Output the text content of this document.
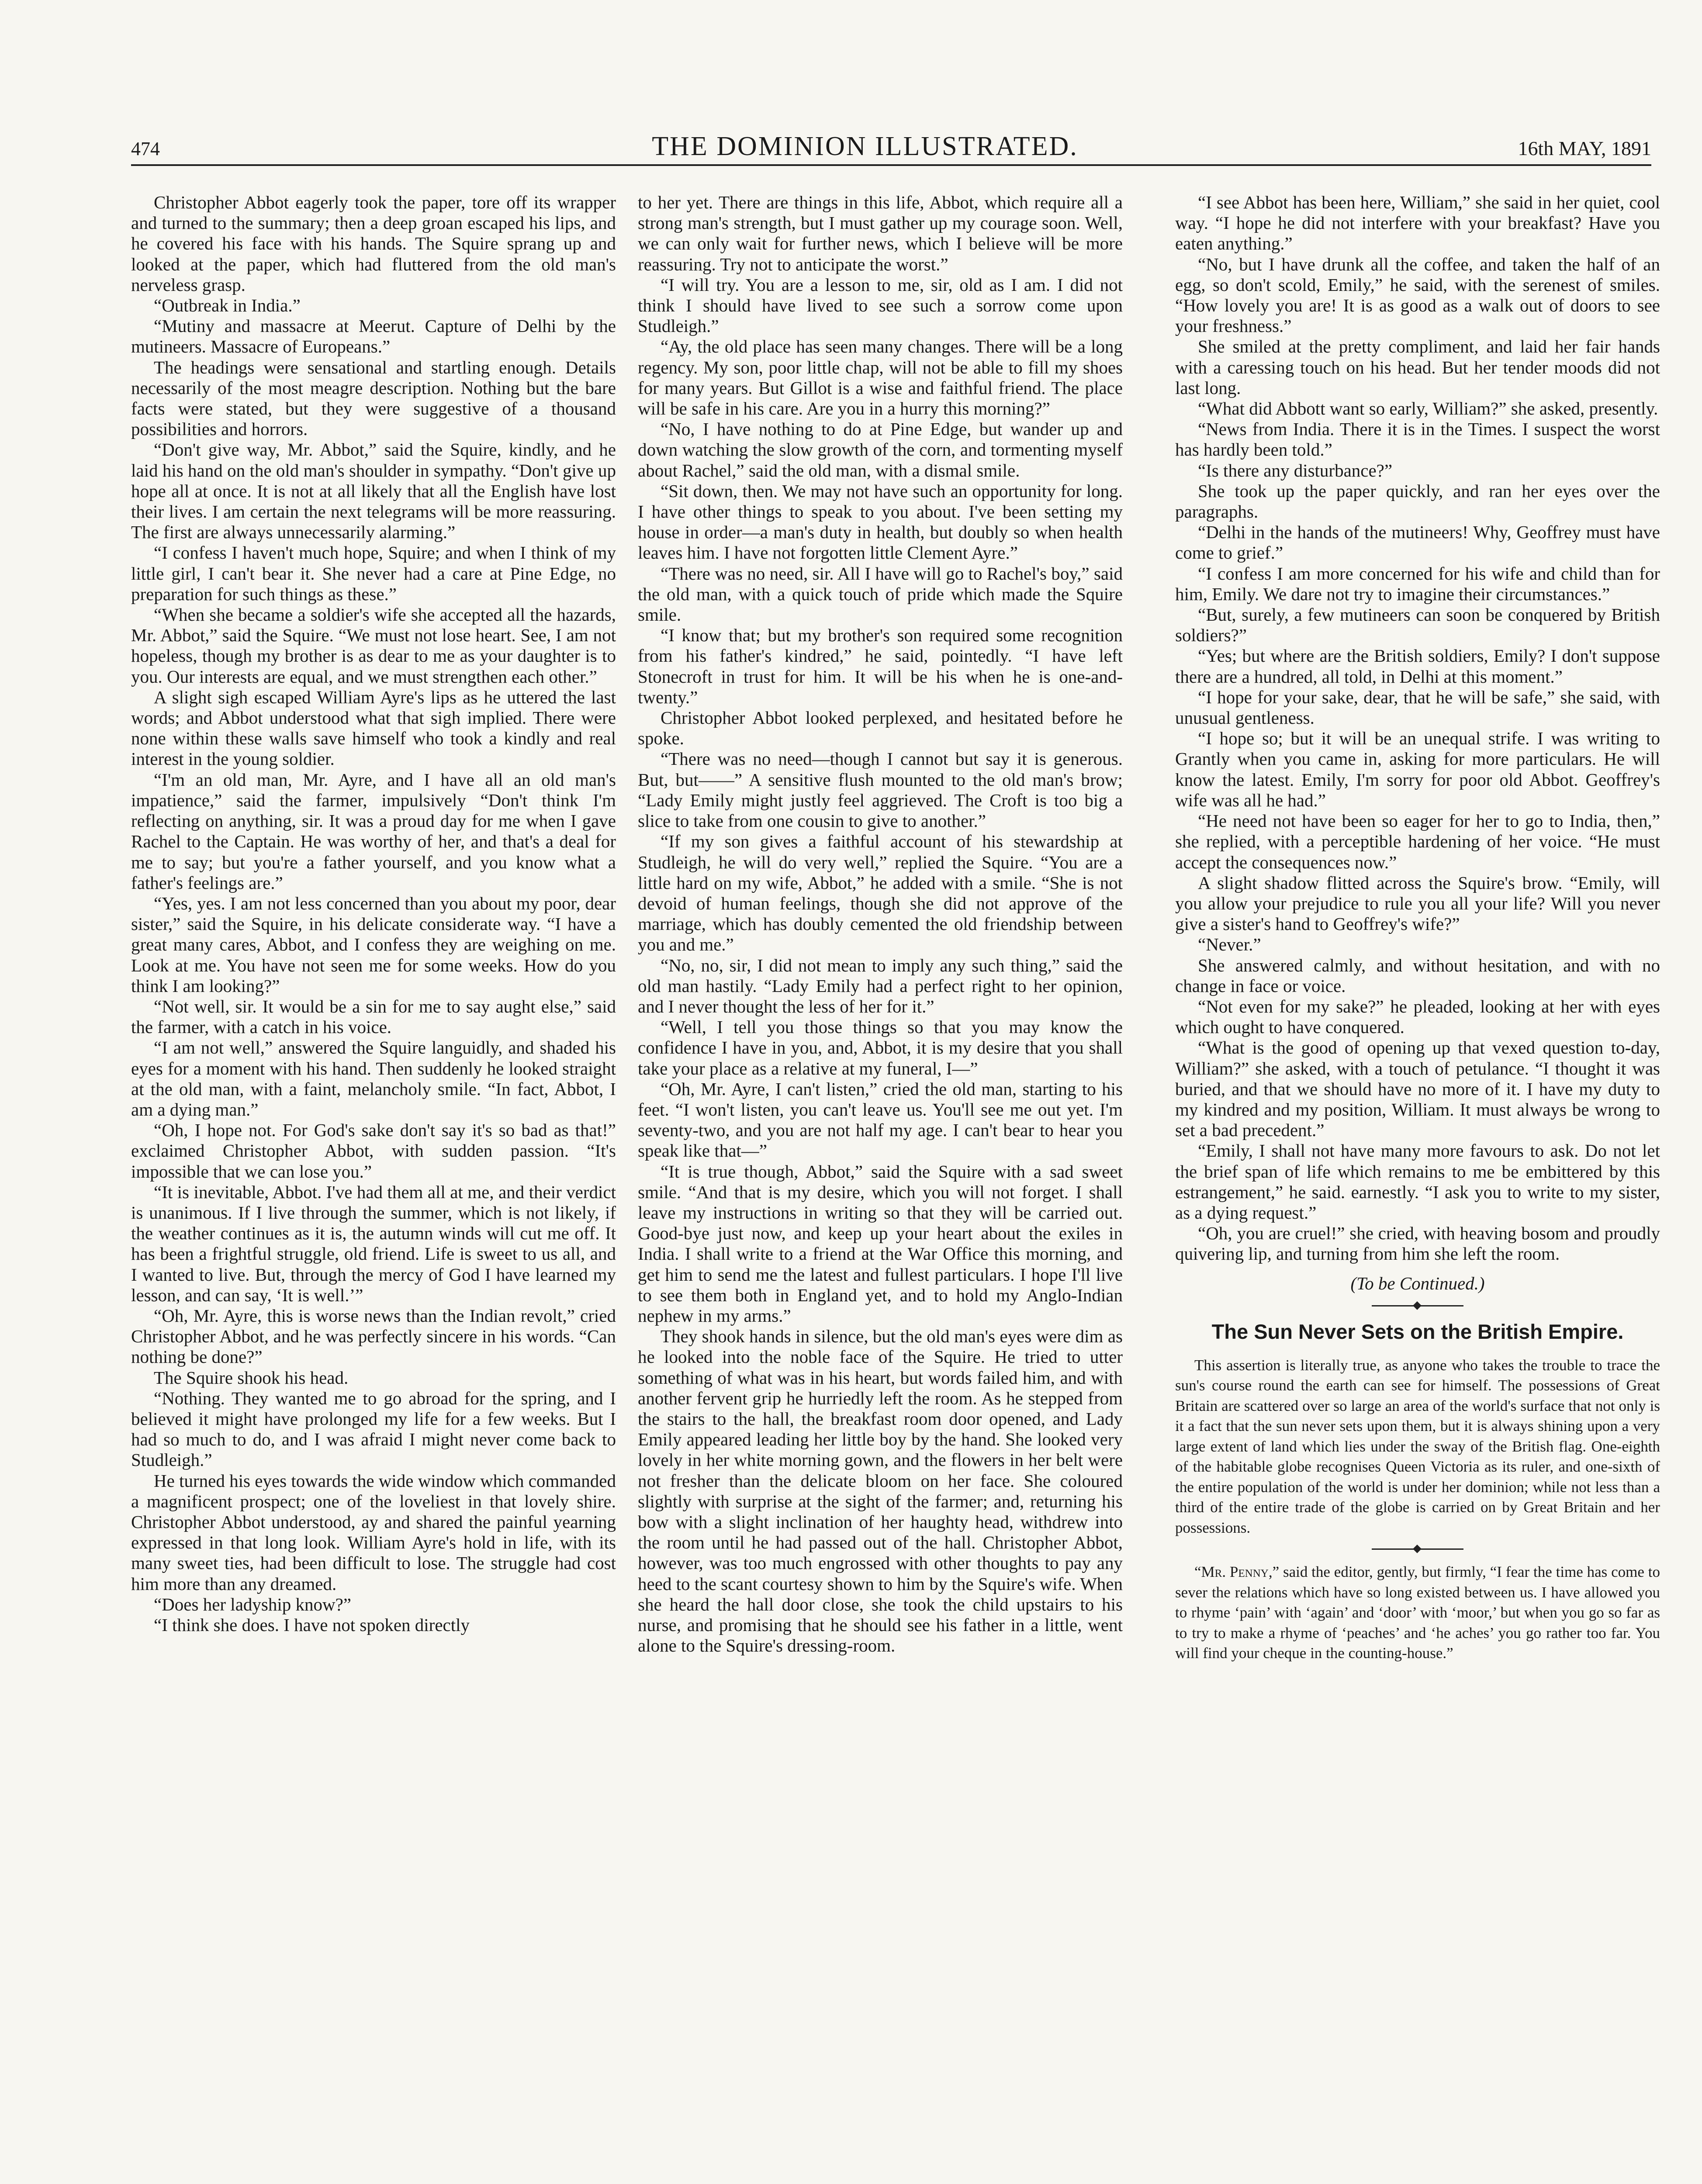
474	THE DOMINION ILLUSTRATED.	16th MAY, 1891

Christopher Abbot eagerly took the paper, tore off its wrapper and turned to the summary; then a deep groan escaped his lips, and he covered his face with his hands. The Squire sprang up and looked at the paper, which had fluttered from the old man's nerveless grasp.

“Outbreak in India.”

“Mutiny and massacre at Meerut. Capture of Delhi by the mutineers. Massacre of Europeans.”

The headings were sensational and startling enough. Details necessarily of the most meagre description. Nothing but the bare facts were stated, but they were suggestive of a thousand possibilities and horrors.

“Don't give way, Mr. Abbot,” said the Squire, kindly, and he laid his hand on the old man's shoulder in sympathy. “Don't give up hope all at once. It is not at all likely that all the English have lost their lives. I am certain the next telegrams will be more reassuring. The first are always unnecessarily alarming.”

“I confess I haven't much hope, Squire; and when I think of my little girl, I can't bear it. She never had a care at Pine Edge, no preparation for such things as these.”

“When she became a soldier's wife she accepted all the hazards, Mr. Abbot,” said the Squire. “We must not lose heart. See, I am not hopeless, though my brother is as dear to me as your daughter is to you. Our interests are equal, and we must strengthen each other.”

A slight sigh escaped William Ayre's lips as he uttered the last words; and Abbot understood what that sigh implied. There were none within these walls save himself who took a kindly and real interest in the young soldier.

“I'm an old man, Mr. Ayre, and I have all an old man's impatience,” said the farmer, impulsively “Don't think I'm reflecting on anything, sir. It was a proud day for me when I gave Rachel to the Captain. He was worthy of her, and that's a deal for me to say; but you're a father yourself, and you know what a father's feelings are.”

“Yes, yes. I am not less concerned than you about my poor, dear sister,” said the Squire, in his delicate considerate way. “I have a great many cares, Abbot, and I confess they are weighing on me. Look at me. You have not seen me for some weeks. How do you think I am looking?”

“Not well, sir. It would be a sin for me to say aught else,” said the farmer, with a catch in his voice.

“I am not well,” answered the Squire languidly, and shaded his eyes for a moment with his hand. Then suddenly he looked straight at the old man, with a faint, melancholy smile. “In fact, Abbot, I am a dying man.”

“Oh, I hope not. For God's sake don't say it's so bad as that!” exclaimed Christopher Abbot, with sudden passion. “It's impossible that we can lose you.”

“It is inevitable, Abbot. I've had them all at me, and their verdict is unanimous. If I live through the summer, which is not likely, if the weather continues as it is, the autumn winds will cut me off. It has been a frightful struggle, old friend. Life is sweet to us all, and I wanted to live. But, through the mercy of God I have learned my lesson, and can say, ‘It is well.’”

“Oh, Mr. Ayre, this is worse news than the Indian revolt,” cried Christopher Abbot, and he was perfectly sincere in his words. “Can nothing be done?”

The Squire shook his head.

“Nothing. They wanted me to go abroad for the spring, and I believed it might have prolonged my life for a few weeks. But I had so much to do, and I was afraid I might never come back to Studleigh.”

He turned his eyes towards the wide window which commanded a magnificent prospect; one of the loveliest in that lovely shire. Christopher Abbot understood, ay and shared the painful yearning expressed in that long look. William Ayre's hold in life, with its many sweet ties, had been difficult to lose. The struggle had cost him more than any dreamed.

“Does her ladyship know?”

“I think she does. I have not spoken directly

to her yet. There are things in this life, Abbot, which require all a strong man's strength, but I must gather up my courage soon. Well, we can only wait for further news, which I believe will be more reassuring. Try not to anticipate the worst.”

“I will try. You are a lesson to me, sir, old as I am. I did not think I should have lived to see such a sorrow come upon Studleigh.”

“Ay, the old place has seen many changes. There will be a long regency. My son, poor little chap, will not be able to fill my shoes for many years. But Gillot is a wise and faithful friend. The place will be safe in his care. Are you in a hurry this morning?”

“No, I have nothing to do at Pine Edge, but wander up and down watching the slow growth of the corn, and tormenting myself about Rachel,” said the old man, with a dismal smile.

“Sit down, then. We may not have such an opportunity for long. I have other things to speak to you about. I've been setting my house in order—a man's duty in health, but doubly so when health leaves him. I have not forgotten little Clement Ayre.”

“There was no need, sir. All I have will go to Rachel's boy,” said the old man, with a quick touch of pride which made the Squire smile.

“I know that; but my brother's son required some recognition from his father's kindred,” he said, pointedly. “I have left Stonecroft in trust for him. It will be his when he is one-and-twenty.”

Christopher Abbot looked perplexed, and hesitated before he spoke.

“There was no need—though I cannot but say it is generous. But, but——” A sensitive flush mounted to the old man's brow; “Lady Emily might justly feel aggrieved. The Croft is too big a slice to take from one cousin to give to another.”

“If my son gives a faithful account of his stewardship at Studleigh, he will do very well,” replied the Squire. “You are a little hard on my wife, Abbot,” he added with a smile. “She is not devoid of human feelings, though she did not approve of the marriage, which has doubly cemented the old friendship between you and me.”

“No, no, sir, I did not mean to imply any such thing,” said the old man hastily. “Lady Emily had a perfect right to her opinion, and I never thought the less of her for it.”

“Well, I tell you those things so that you may know the confidence I have in you, and, Abbot, it is my desire that you shall take your place as a relative at my funeral, I—”

“Oh, Mr. Ayre, I can't listen,” cried the old man, starting to his feet. “I won't listen, you can't leave us. You'll see me out yet. I'm seventy-two, and you are not half my age. I can't bear to hear you speak like that—”

“It is true though, Abbot,” said the Squire with a sad sweet smile. “And that is my desire, which you will not forget. I shall leave my instructions in writing so that they will be carried out. Good-bye just now, and keep up your heart about the exiles in India. I shall write to a friend at the War Office this morning, and get him to send me the latest and fullest particulars. I hope I'll live to see them both in England yet, and to hold my Anglo-Indian nephew in my arms.”

They shook hands in silence, but the old man's eyes were dim as he looked into the noble face of the Squire. He tried to utter something of what was in his heart, but words failed him, and with another fervent grip he hurriedly left the room. As he stepped from the stairs to the hall, the breakfast room door opened, and Lady Emily appeared leading her little boy by the hand. She looked very lovely in her white morning gown, and the flowers in her belt were not fresher than the delicate bloom on her face. She coloured slightly with surprise at the sight of the farmer; and, returning his bow with a slight inclination of her haughty head, withdrew into the room until he had passed out of the hall. Christopher Abbot, however, was too much engrossed with other thoughts to pay any heed to the scant courtesy shown to him by the Squire's wife. When she heard the hall door close, she took the child upstairs to his nurse, and promising that he should see his father in a little, went alone to the Squire's dressing-room.

“I see Abbot has been here, William,” she said in her quiet, cool way. “I hope he did not interfere with your breakfast? Have you eaten anything.”

“No, but I have drunk all the coffee, and taken the half of an egg, so don't scold, Emily,” he said, with the serenest of smiles. “How lovely you are! It is as good as a walk out of doors to see your freshness.”

She smiled at the pretty compliment, and laid her fair hands with a caressing touch on his head. But her tender moods did not last long.

“What did Abbott want so early, William?” she asked, presently.

“News from India. There it is in the Times. I suspect the worst has hardly been told.”

“Is there any disturbance?”

She took up the paper quickly, and ran her eyes over the paragraphs.

“Delhi in the hands of the mutineers! Why, Geoffrey must have come to grief.”

“I confess I am more concerned for his wife and child than for him, Emily. We dare not try to imagine their circumstances.”

“But, surely, a few mutineers can soon be conquered by British soldiers?”

“Yes; but where are the British soldiers, Emily? I don't suppose there are a hundred, all told, in Delhi at this moment.”

“I hope for your sake, dear, that he will be safe,” she said, with unusual gentleness.

“I hope so; but it will be an unequal strife. I was writing to Grantly when you came in, asking for more particulars. He will know the latest. Emily, I'm sorry for poor old Abbot. Geoffrey's wife was all he had.”

“He need not have been so eager for her to go to India, then,” she replied, with a perceptible hardening of her voice. “He must accept the consequences now.”

A slight shadow flitted across the Squire's brow. “Emily, will you allow your prejudice to rule you all your life? Will you never give a sister's hand to Geoffrey's wife?”

“Never.”

She answered calmly, and without hesitation, and with no change in face or voice.

“Not even for my sake?” he pleaded, looking at her with eyes which ought to have conquered.

“What is the good of opening up that vexed question to-day, William?” she asked, with a touch of petulance. “I thought it was buried, and that we should have no more of it. I have my duty to my kindred and my position, William. It must always be wrong to set a bad precedent.”

“Emily, I shall not have many more favours to ask. Do not let the brief span of life which remains to me be embittered by this estrangement,” he said. earnestly. “I ask you to write to my sister, as a dying request.”

“Oh, you are cruel!” she cried, with heaving bosom and proudly quivering lip, and turning from him she left the room.

(To be Continued.)

The Sun Never Sets on the British Empire.

This assertion is literally true, as anyone who takes the trouble to trace the sun's course round the earth can see for himself. The possessions of Great Britain are scattered over so large an area of the world's surface that not only is it a fact that the sun never sets upon them, but it is always shining upon a very large extent of land which lies under the sway of the British flag. One-eighth of the habitable globe recognises Queen Victoria as its ruler, and one-sixth of the entire population of the world is under her dominion; while not less than a third of the entire trade of the globe is carried on by Great Britain and her possessions.

“Mr. Penny,” said the editor, gently, but firmly, “I fear the time has come to sever the relations which have so long existed between us. I have allowed you to rhyme ‘pain’ with ‘again’ and ‘door’ with ‘moor,’ but when you go so far as to try to make a rhyme of ‘peaches’ and ‘he aches’ you go rather too far. You will find your cheque in the counting-house.”
